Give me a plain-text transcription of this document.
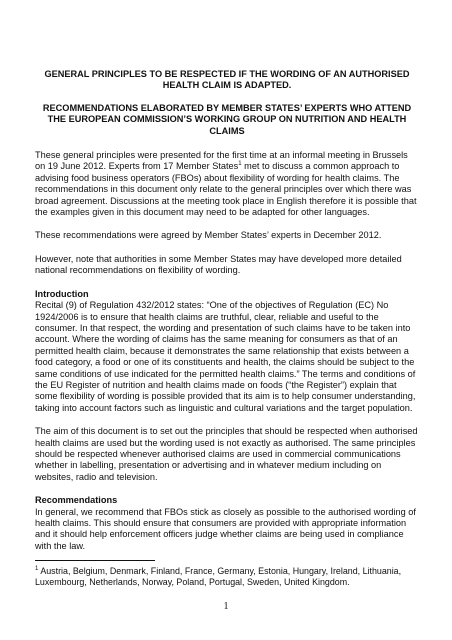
GENERAL PRINCIPLES TO BE RESPECTED IF THE WORDING OF AN AUTHORISED HEALTH CLAIM IS ADAPTED.

RECOMMENDATIONS ELABORATED BY MEMBER STATES’ EXPERTS WHO ATTEND THE EUROPEAN COMMISSION’S WORKING GROUP ON NUTRITION AND HEALTH CLAIMS

These general principles were presented for the first time at an informal meeting in Brussels on 19 June 2012. Experts from 17 Member States$^1$ met to discuss a common approach to advising food business operators (FBOs) about flexibility of wording for health claims. The recommendations in this document only relate to the general principles over which there was broad agreement. Discussions at the meeting took place in English therefore it is possible that the examples given in this document may need to be adapted for other languages.

These recommendations were agreed by Member States’ experts in December 2012.

However, note that authorities in some Member States may have developed more detailed national recommendations on flexibility of wording.

Introduction

Recital (9) of Regulation 432/2012 states: “One of the objectives of Regulation (EC) No 1924/2006 is to ensure that health claims are truthful, clear, reliable and useful to the consumer. In that respect, the wording and presentation of such claims have to be taken into account. Where the wording of claims has the same meaning for consumers as that of an permitted health claim, because it demonstrates the same relationship that exists between a food category, a food or one of its constituents and health, the claims should be subject to the same conditions of use indicated for the permitted health claims.” The terms and conditions of the EU Register of nutrition and health claims made on foods (“the Register”) explain that some flexibility of wording is possible provided that its aim is to help consumer understanding, taking into account factors such as linguistic and cultural variations and the target population.

The aim of this document is to set out the principles that should be respected when authorised health claims are used but the wording used is not exactly as authorised. The same principles should be respected whenever authorised claims are used in commercial communications whether in labelling, presentation or advertising and in whatever medium including on websites, radio and television.

Recommendations

In general, we recommend that FBOs stick as closely as possible to the authorised wording of health claims. This should ensure that consumers are provided with appropriate information and it should help enforcement officers judge whether claims are being used in compliance with the law.

$^1$ Austria, Belgium, Denmark, Finland, France, Germany, Estonia, Hungary, Ireland, Lithuania, Luxembourg, Netherlands, Norway, Poland, Portugal, Sweden, United Kingdom.

1
